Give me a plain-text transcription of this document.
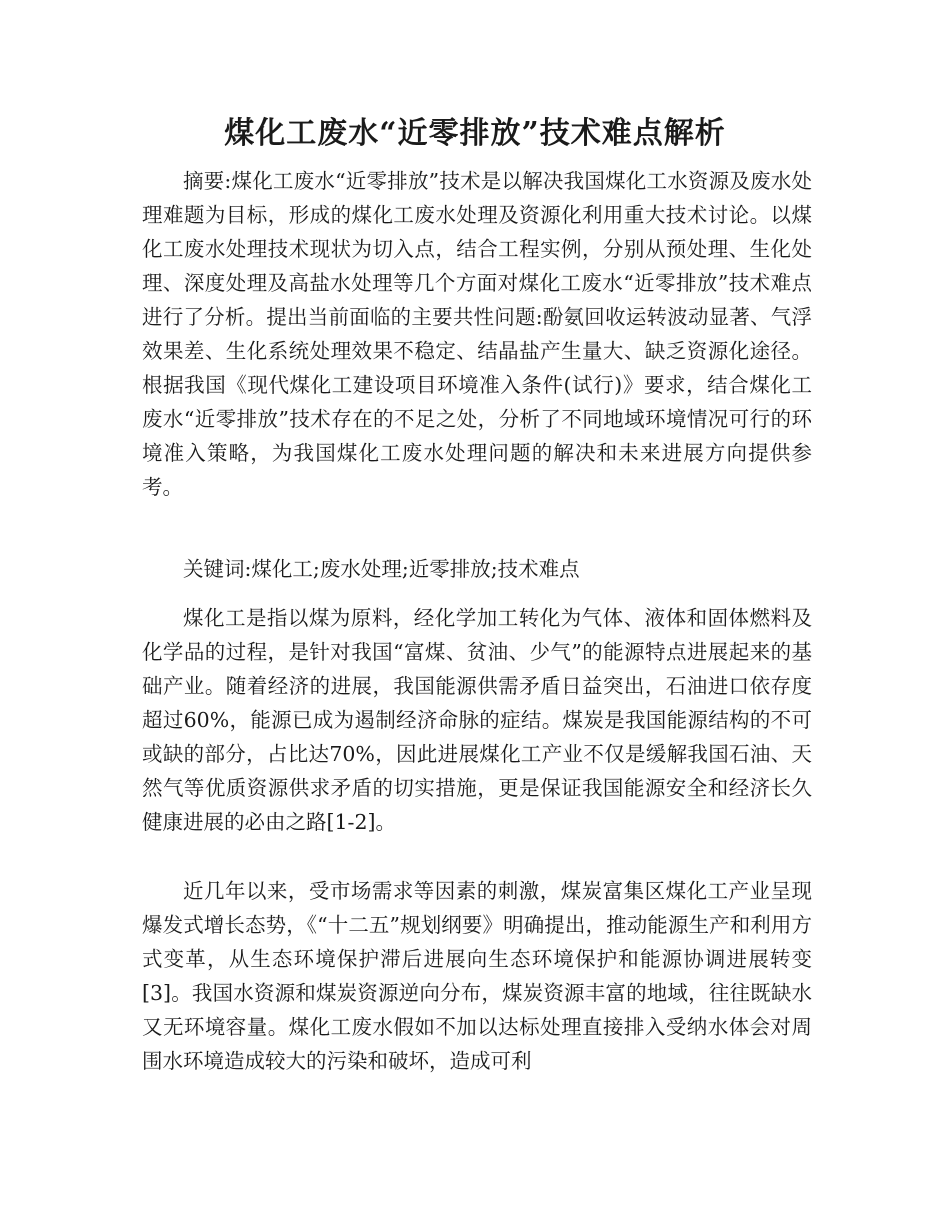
煤化工废水“近零排放”技术难点解析

摘要:煤化工废水“近零排放”技术是以解决我国煤化工水资源及废水处理难题为目标，形成的煤化工废水处理及资源化利用重大技术讨论。以煤化工废水处理技术现状为切入点，结合工程实例，分别从预处理、生化处理、深度处理及高盐水处理等几个方面对煤化工废水“近零排放”技术难点进行了分析。提出当前面临的主要共性问题:酚氨回收运转波动显著、气浮效果差、生化系统处理效果不稳定、结晶盐产生量大、缺乏资源化途径。根据我国《现代煤化工建设项目环境准入条件(试行)》要求，结合煤化工废水“近零排放”技术存在的不足之处，分析了不同地域环境情况可行的环境准入策略，为我国煤化工废水处理问题的解决和未来进展方向提供参考。

关键词:煤化工;废水处理;近零排放;技术难点

煤化工是指以煤为原料，经化学加工转化为气体、液体和固体燃料及化学品的过程，是针对我国“富煤、贫油、少气”的能源特点进展起来的基础产业。随着经济的进展，我国能源供需矛盾日益突出，石油进口依存度超过60%，能源已成为遏制经济命脉的症结。煤炭是我国能源结构的不可或缺的部分，占比达70%，因此进展煤化工产业不仅是缓解我国石油、天然气等优质资源供求矛盾的切实措施，更是保证我国能源安全和经济长久健康进展的必由之路[1-2]。

近几年以来，受市场需求等因素的刺激，煤炭富集区煤化工产业呈现爆发式增长态势，《“十二五”规划纲要》明确提出，推动能源生产和利用方式变革，从生态环境保护滞后进展向生态环境保护和能源协调进展转变[3]。我国水资源和煤炭资源逆向分布，煤炭资源丰富的地域，往往既缺水又无环境容量。煤化工废水假如不加以达标处理直接排入受纳水体会对周围水环境造成较大的污染和破坏，造成可利
